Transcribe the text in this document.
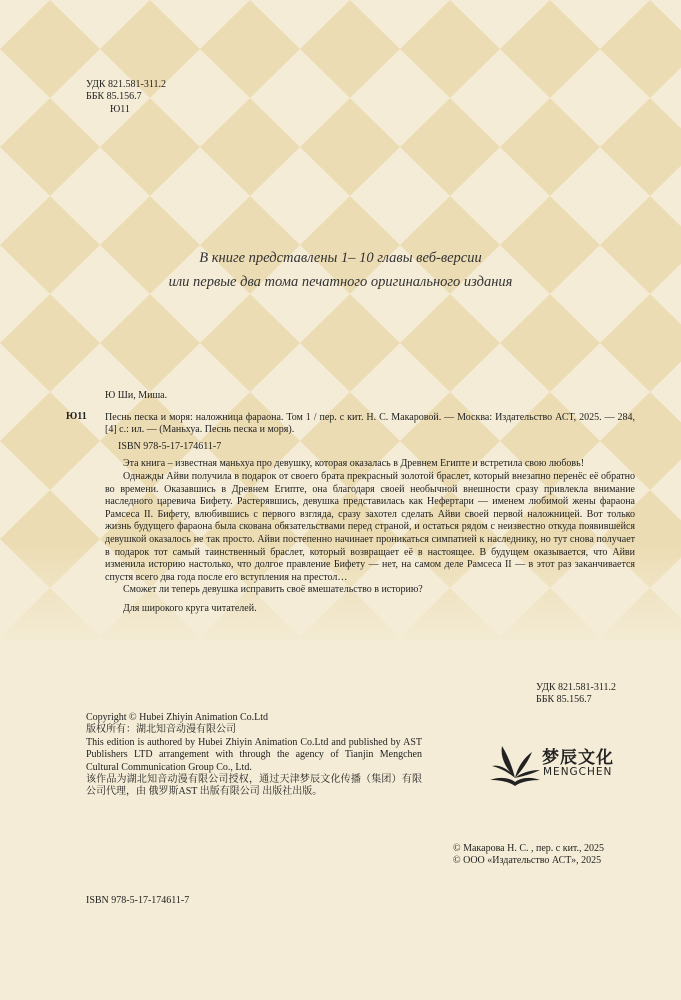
УДК 821.581-311.2
ББК 85.156.7
Ю11
В книге представлены 1– 10 главы веб-версии
или первые два тома печатного оригинального издания
Ю Ши, Миша.
Песнь песка и моря: наложница фараона. Том 1 / пер. с кит. Н. С. Макаровой. — Москва: Издательство АСТ, 2025. — 284, [4] с.: ил. — (Маньхуа. Песнь песка и моря).
ISBN 978-5-17-174611-7
Эта книга – известная маньхуа про девушку, которая оказалась в Древнем Египте и встретила свою любовь!
Однажды Айви получила в подарок от своего брата прекрасный золотой браслет, который внезапно перенёс её обратно во времени. Оказавшись в Древнем Египте, она благодаря своей необычной внешности сразу привлекла внимание наследного царевича Бифету. Растерявшись, девушка представилась как Нефертари — именем любимой жены фараона Рамсеса II. Бифету, влюбившись с первого взгляда, сразу захотел сделать Айви своей первой наложницей. Вот только жизнь будущего фараона была скована обязательствами перед страной, и остаться рядом с неизвестно откуда появившейся девушкой оказалось не так просто. Айви постепенно начинает проникаться симпатией к наследнику, но тут снова получает в подарок тот самый таинственный браслет, который возвращает её в настоящее. В будущем оказывается, что Айви изменила историю настолько, что долгое правление Бифету — нет, на самом деле Рамсеса II — в этот раз заканчивается спустя всего два года после его вступления на престол…
Сможет ли теперь девушка исправить своё вмешательство в историю?
Для широкого круга читателей.
Ю11
УДК 821.581-311.2
ББК 85.156.7
Copyright © Hubei Zhiyin Animation Co.Ltd
版权所有：湖北知音动漫有限公司
This edition is authored by Hubei Zhiyin Animation Co.Ltd and published by AST Publishers LTD arrangement with through the agency of Tianjin Mengchen Cultural Communication Group Co., Ltd.
该作品为湖北知音动漫有限公司授权，通过天津梦辰文化传播（集团）有限公司代理，由 俄罗斯AST 出版有限公司 出版社出版。
梦辰文化
MENGCHEN
© Макарова Н. С. , пер. с кит., 2025
© ООО «Издательство АСТ», 2025
ISBN 978-5-17-174611-7
